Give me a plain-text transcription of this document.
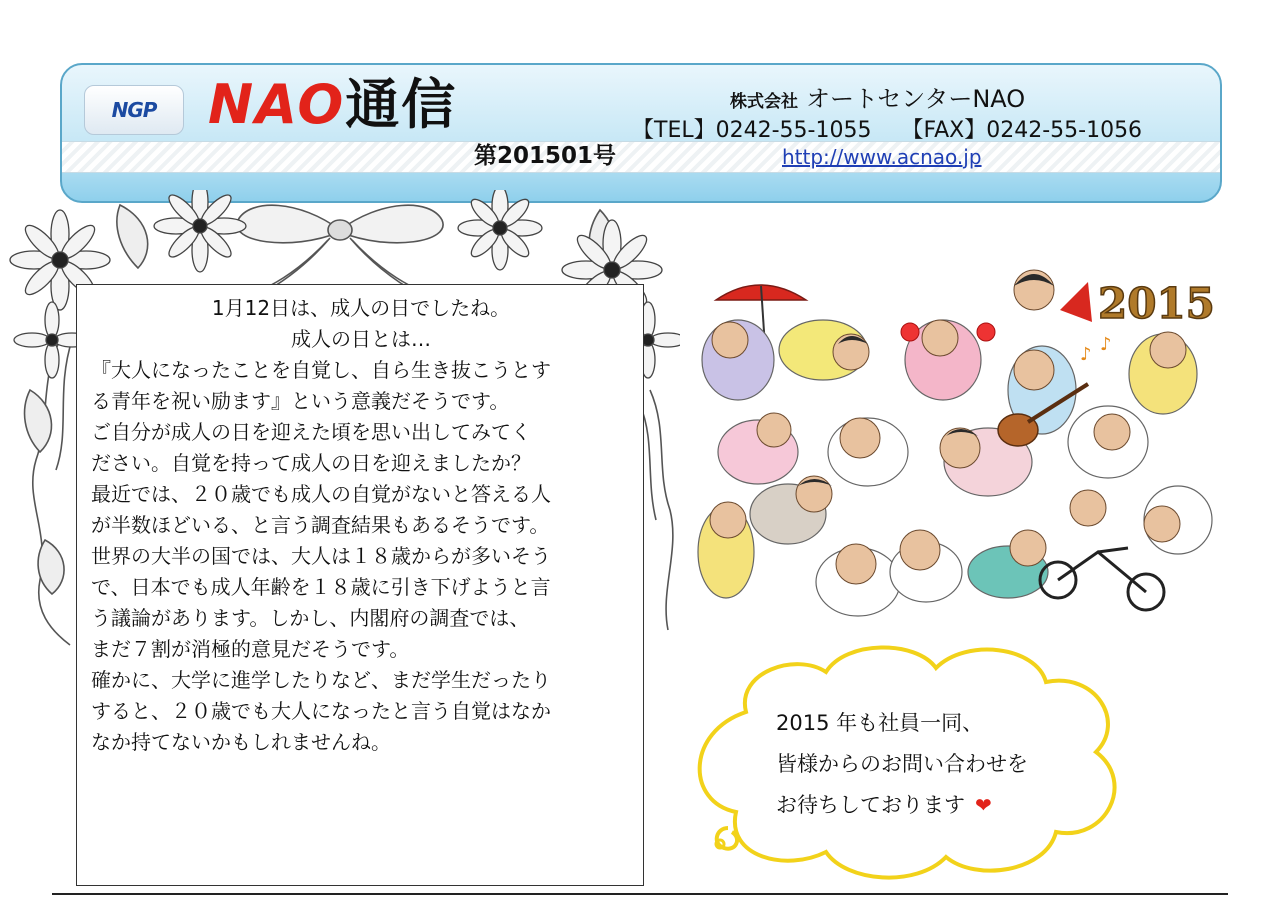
NGP NAO通信
第201501号
株式会社 オートセンターNAO
【TEL】0242-55-1055 【FAX】0242-55-1056
http://www.acnao.jp
1月12日は、成人の日でしたね。
成人の日とは…
『大人になったことを自覚し、自ら生き抜こうとす
る青年を祝い励ます』という意義だそうです。
ご自分が成人の日を迎えた頃を思い出してみてく
ださい。自覚を持って成人の日を迎えましたか？
最近では、２０歳でも成人の自覚がないと答える人
が半数ほどいる、と言う調査結果もあるそうです。
世界の大半の国では、大人は１８歳からが多いそう
で、日本でも成人年齢を１８歳に引き下げようと言
う議論があります。しかし、内閣府の調査では、
まだ７割が消極的意見だそうです。
確かに、大学に進学したりなど、まだ学生だったり
すると、２０歳でも大人になったと言う自覚はなか
なか持てないかもしれませんね。
2015
♪ ♪
2015 年も社員一同、
皆様からのお問い合わせを
お待ちしております ❤
